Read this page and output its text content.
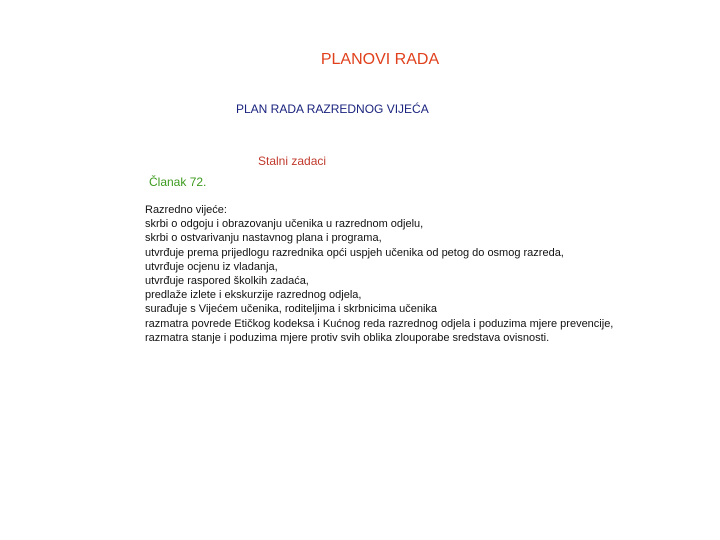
PLANOVI RADA
PLAN RADA RAZREDNOG VIJEĆA
Stalni zadaci
Članak 72.
Razredno vijeće:
skrbi o odgoju i obrazovanju učenika u razrednom odjelu,
skrbi o ostvarivanju nastavnog plana i programa,
utvrđuje prema prijedlogu razrednika opći uspjeh učenika od petog do osmog razreda,
utvrđuje ocjenu iz vladanja,
utvrđuje raspored školkih zadaća,
predlaže izlete i ekskurzije razrednog odjela,
surađuje s Vijećem učenika, roditeljima i skrbnicima učenika
razmatra povrede Etičkog kodeksa i Kućnog reda razrednog odjela i poduzima mjere prevencije,
razmatra stanje i poduzima mjere protiv svih oblika zlouporabe sredstava ovisnosti.
